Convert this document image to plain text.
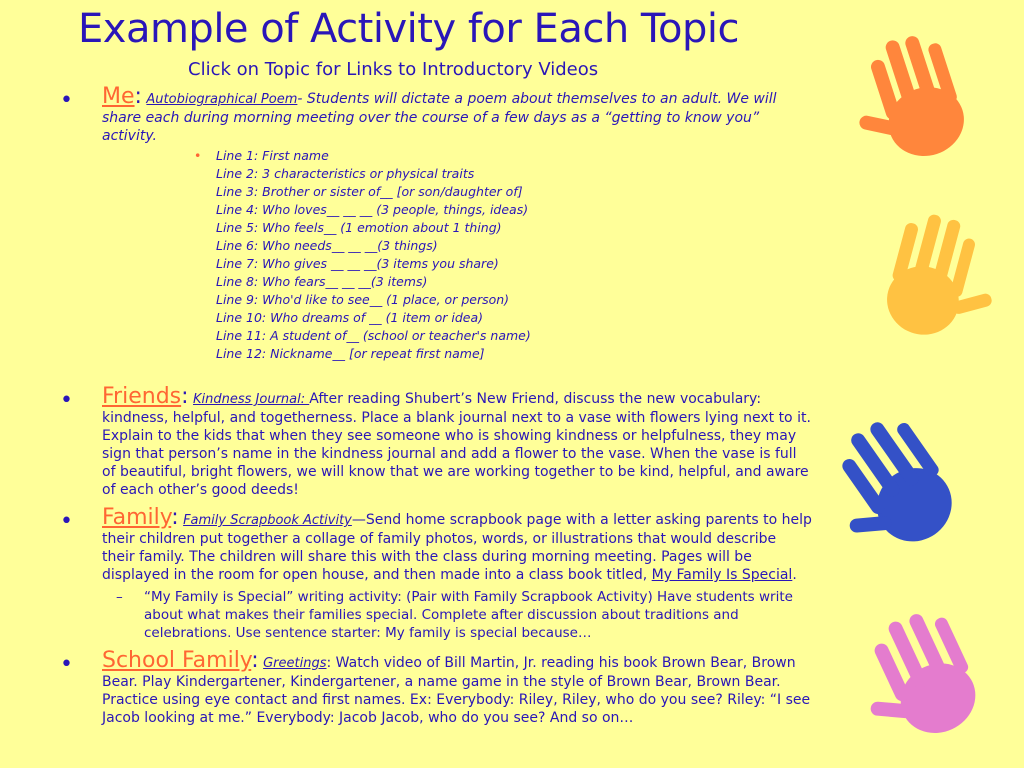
Example of Activity for Each Topic
Click on Topic for Links to Introductory Videos
• Me: Autobiographical Poem- Students will dictate a poem about themselves to an adult. We will share each during morning meeting over the course of a few days as a “getting to know you” activity.
• Line 1: First name
Line 2: 3 characteristics or physical traits
Line 3: Brother or sister of__ [or son/daughter of]
Line 4: Who loves__ __ __ (3 people, things, ideas)
Line 5: Who feels__ (1 emotion about 1 thing)
Line 6: Who needs__ __ __(3 things)
Line 7: Who gives __ __ __(3 items you share)
Line 8: Who fears__ __ __(3 items)
Line 9: Who'd like to see__ (1 place, or person)
Line 10: Who dreams of __ (1 item or idea)
Line 11: A student of__ (school or teacher's name)
Line 12: Nickname__ [or repeat first name]
• Friends: Kindness Journal: After reading Shubert’s New Friend, discuss the new vocabulary: kindness, helpful, and togetherness. Place a blank journal next to a vase with flowers lying next to it. Explain to the kids that when they see someone who is showing kindness or helpfulness, they may sign that person’s name in the kindness journal and add a flower to the vase. When the vase is full of beautiful, bright flowers, we will know that we are working together to be kind, helpful, and aware of each other’s good deeds!
• Family: Family Scrapbook Activity—Send home scrapbook page with a letter asking parents to help their children put together a collage of family photos, words, or illustrations that would describe their family. The children will share this with the class during morning meeting. Pages will be displayed in the room for open house, and then made into a class book titled, My Family Is Special.
– “My Family is Special” writing activity: (Pair with Family Scrapbook Activity) Have students write about what makes their families special. Complete after discussion about traditions and celebrations. Use sentence starter: My family is special because…
• School Family: Greetings: Watch video of Bill Martin, Jr. reading his book Brown Bear, Brown Bear. Play Kindergartener, Kindergartener, a name game in the style of Brown Bear, Brown Bear. Practice using eye contact and first names. Ex: Everybody: Riley, Riley, who do you see? Riley: “I see Jacob looking at me.” Everybody: Jacob Jacob, who do you see? And so on…
